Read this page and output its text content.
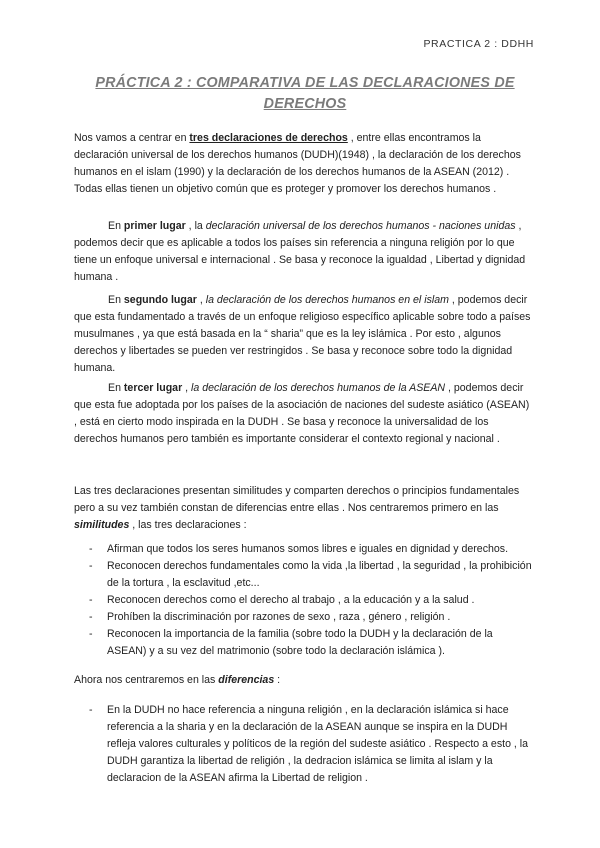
PRACTICA 2 : DDHH
PRÁCTICA 2 : COMPARATIVA DE LAS DECLARACIONES DE DERECHOS

Nos vamos a centrar en tres declaraciones de derechos , entre ellas encontramos la declaración universal de los derechos humanos (DUDH)(1948) , la declaración de los derechos humanos en el islam (1990) y la declaración de los derechos humanos de la ASEAN (2012) . Todas ellas tienen un objetivo común que es proteger y promover los derechos humanos .

En primer lugar , la declaración universal de los derechos humanos - naciones unidas , podemos decir que es aplicable a todos los países sin referencia a ninguna religión por lo que tiene un enfoque universal e internacional . Se basa y reconoce la igualdad , Libertad y dignidad humana .

En segundo lugar , la declaración de los derechos humanos en el islam , podemos decir que esta fundamentado a través de un enfoque religioso específico aplicable sobre todo a países musulmanes , ya que está basada en la “ sharia” que es la ley islámica . Por esto , algunos derechos y libertades se pueden ver restringidos . Se basa y reconoce sobre todo la dignidad humana.

En tercer lugar , la declaración de los derechos humanos de la ASEAN , podemos decir que esta fue adoptada por los países de la asociación de naciones del sudeste asiático (ASEAN) , está en cierto modo inspirada en la DUDH . Se basa y reconoce la universalidad de los derechos humanos pero también es importante considerar el contexto regional y nacional .

Las tres declaraciones presentan similitudes y comparten derechos o principios fundamentales pero a su vez también constan de diferencias entre ellas . Nos centraremos primero en las similitudes , las tres declaraciones :

- Afirman que todos los seres humanos somos libres e iguales en dignidad y derechos.
- Reconocen derechos fundamentales como la vida ,la libertad , la seguridad , la prohibición de la tortura , la esclavitud ,etc...
- Reconocen derechos como el derecho al trabajo , a la educación y a la salud .
- Prohíben la discriminación por razones de sexo , raza , género , religión .
- Reconocen la importancia de la familia (sobre todo la DUDH y la declaración de la ASEAN) y a su vez del matrimonio (sobre todo la declaración islámica ).

Ahora nos centraremos en las diferencias :

- En la DUDH no hace referencia a ninguna religión , en la declaración islámica si hace referencia a la sharia y en la declaración de la ASEAN aunque se inspira en la DUDH refleja valores culturales y políticos de la región del sudeste asiático . Respecto a esto , la DUDH garantiza la libertad de religión , la dedracion islámica se limita al islam y la declaracion de la ASEAN afirma la Libertad de religion .
